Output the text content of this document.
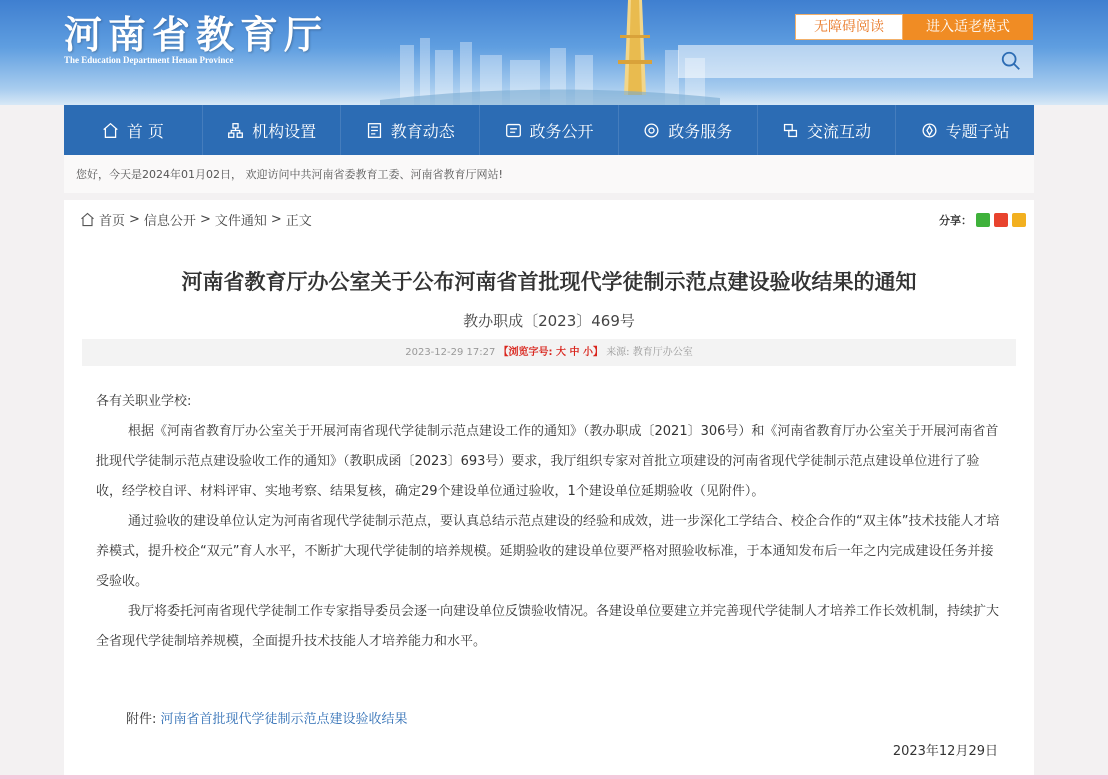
河南省教育厅
The Education Department Henan Province
无障碍阅读	进入适老模式
首 页	机构设置	教育动态	政务公开	政务服务	交流互动	专题子站
您好，今天是2024年01月02日， 欢迎访问中共河南省委教育工委、河南省教育厅网站!
首页 > 信息公开 > 文件通知 > 正文	分享：
河南省教育厅办公室关于公布河南省首批现代学徒制示范点建设验收结果的通知
教办职成〔2023〕469号
2023-12-29 17:27 【浏览字号: 大 中 小】 来源: 教育厅办公室

各有关职业学校:

根据《河南省教育厅办公室关于开展河南省现代学徒制示范点建设工作的通知》（教办职成〔2021〕306号）和《河南省教育厅办公室关于开展河南省首批现代学徒制示范点建设验收工作的通知》（教职成函〔2023〕693号）要求，我厅组织专家对首批立项建设的河南省现代学徒制示范点建设单位进行了验收，经学校自评、材料评审、实地考察、结果复核，确定29个建设单位通过验收，1个建设单位延期验收（见附件）。

通过验收的建设单位认定为河南省现代学徒制示范点，要认真总结示范点建设的经验和成效，进一步深化工学结合、校企合作的“双主体”技术技能人才培养模式，提升校企“双元”育人水平，不断扩大现代学徒制的培养规模。延期验收的建设单位要严格对照验收标准，于本通知发布后一年之内完成建设任务并接受验收。

我厅将委托河南省现代学徒制工作专家指导委员会逐一向建设单位反馈验收情况。各建设单位要建立并完善现代学徒制人才培养工作长效机制，持续扩大全省现代学徒制培养规模，全面提升技术技能人才培养能力和水平。

附件: 河南省首批现代学徒制示范点建设验收结果
2023年12月29日
